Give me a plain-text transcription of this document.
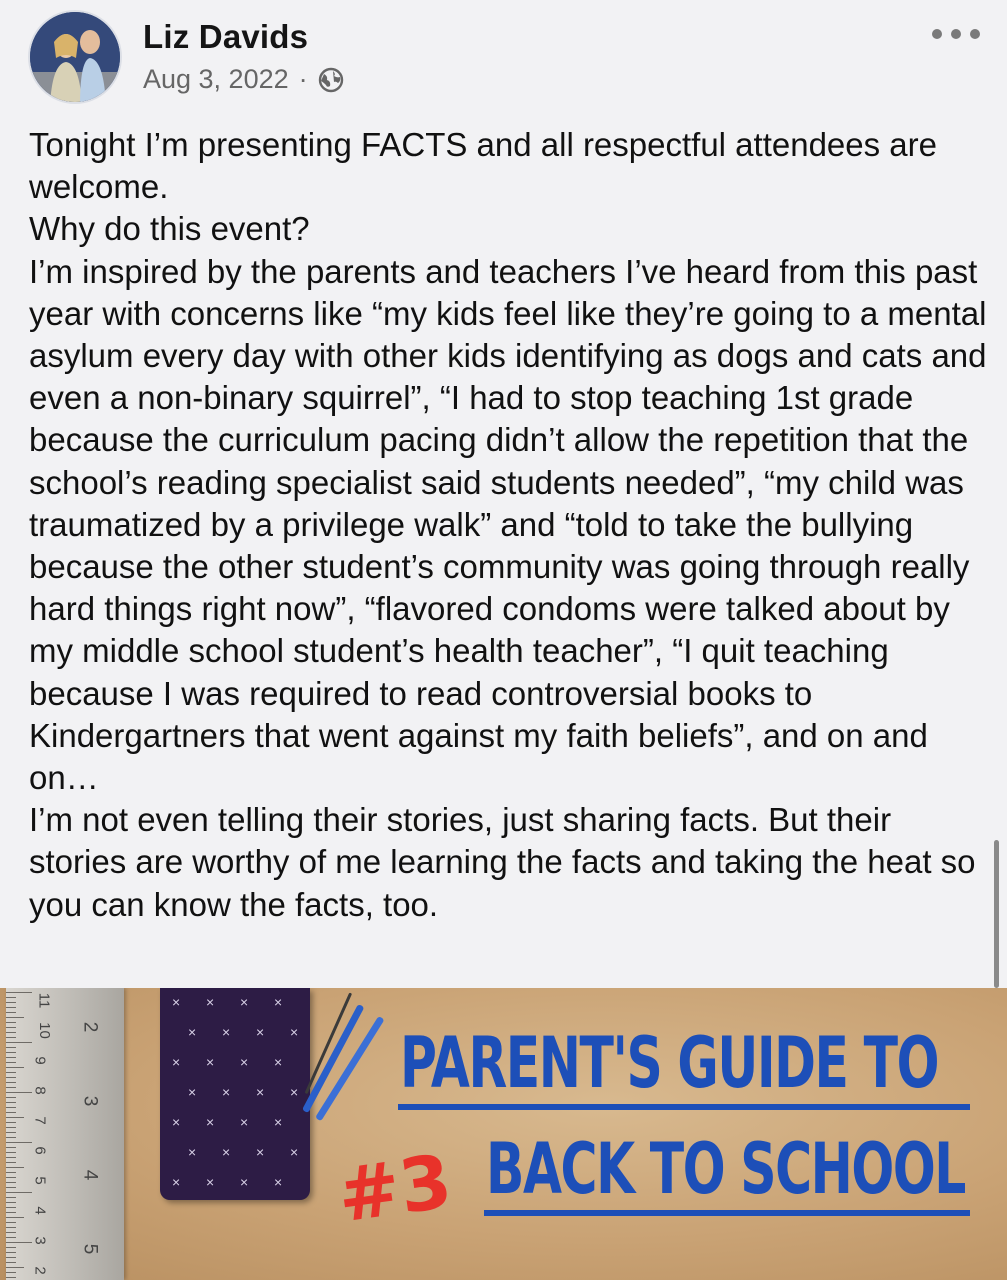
Liz Davids
Aug 3, 2022 ·

Tonight I’m presenting FACTS and all respectful attendees are welcome.

Why do this event?

I’m inspired by the parents and teachers I’ve heard from this past year with concerns like “my kids feel like they’re going to a mental asylum every day with other kids identifying as dogs and cats and even a non-binary squirrel”, “I had to stop teaching 1st grade because the curriculum pacing didn’t allow the repetition that the school’s reading specialist said students needed”, “my child was traumatized by a privilege walk” and “told to take the bullying because the other student’s community was going through really hard things right now”, “flavored condoms were talked about by my middle school student’s health teacher”, “I quit teaching because I was required to read controversial books to Kindergartners that went against my faith beliefs”, and on and on…

I’m not even telling their stories, just sharing facts. But their stories are worthy of me learning the facts and taking the heat so you can know the facts, too.

11
10
9
8
7
6
5
4
3
2
2
3
4
5
× × × ×
× × × ×
× × × ×
× × × ×
× × × ×
× × × ×
× × × ×
PARENT'S GUIDE TO
BACK TO SCHOOL
#3
